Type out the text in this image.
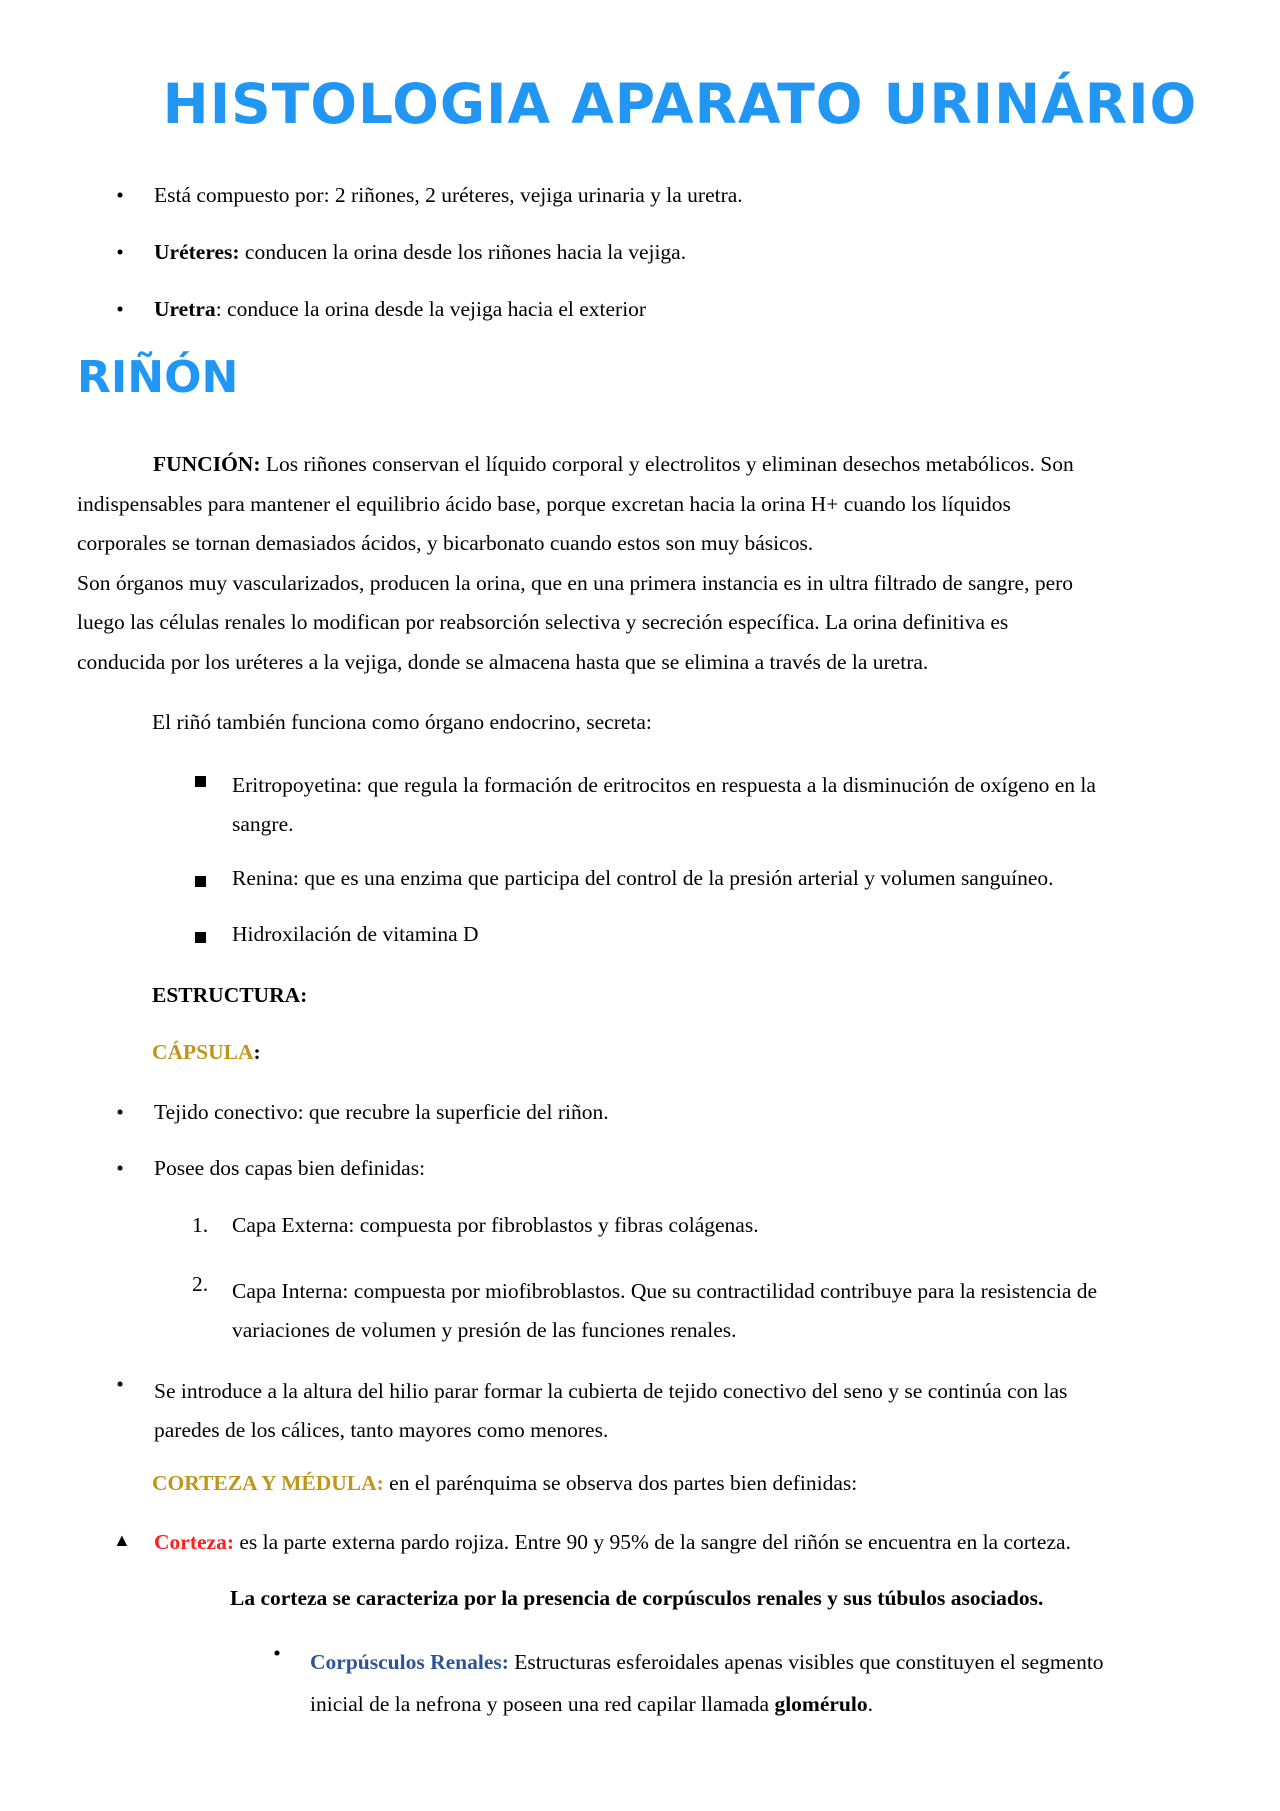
HISTOLOGIA APARATO URINÁRIO
• Está compuesto por: 2 riñones, 2 uréteres, vejiga urinaria y la uretra.
• Uréteres: conducen la orina desde los riñones hacia la vejiga.
• Uretra: conduce la orina desde la vejiga hacia el exterior
RIÑÓN
FUNCIÓN: Los riñones conservan el líquido corporal y electrolitos y eliminan desechos metabólicos. Son
indispensables para mantener el equilibrio ácido base, porque excretan hacia la orina H+ cuando los líquidos
corporales se tornan demasiados ácidos, y bicarbonato cuando estos son muy básicos.
Son órganos muy vascularizados, producen la orina, que en una primera instancia es in ultra filtrado de sangre, pero
luego las células renales lo modifican por reabsorción selectiva y secreción específica. La orina definitiva es
conducida por los uréteres a la vejiga, donde se almacena hasta que se elimina a través de la uretra.
El riñó también funciona como órgano endocrino, secreta:
Eritropoyetina: que regula la formación de eritrocitos en respuesta a la disminución de oxígeno en la
sangre.
Renina: que es una enzima que participa del control de la presión arterial y volumen sanguíneo.
Hidroxilación de vitamina D
ESTRUCTURA:
CÁPSULA:
• Tejido conectivo: que recubre la superficie del riñon.
• Posee dos capas bien definidas:
1. Capa Externa: compuesta por fibroblastos y fibras colágenas.
2. Capa Interna: compuesta por miofibroblastos. Que su contractilidad contribuye para la resistencia de
variaciones de volumen y presión de las funciones renales.
• Se introduce a la altura del hilio parar formar la cubierta de tejido conectivo del seno y se continúa con las
paredes de los cálices, tanto mayores como menores.
CORTEZA Y MÉDULA: en el parénquima se observa dos partes bien definidas:
▲ Corteza: es la parte externa pardo rojiza. Entre 90 y 95% de la sangre del riñón se encuentra en la corteza.
La corteza se caracteriza por la presencia de corpúsculos renales y sus túbulos asociados.
• Corpúsculos Renales: Estructuras esferoidales apenas visibles que constituyen el segmento
inicial de la nefrona y poseen una red capilar llamada glomérulo.
